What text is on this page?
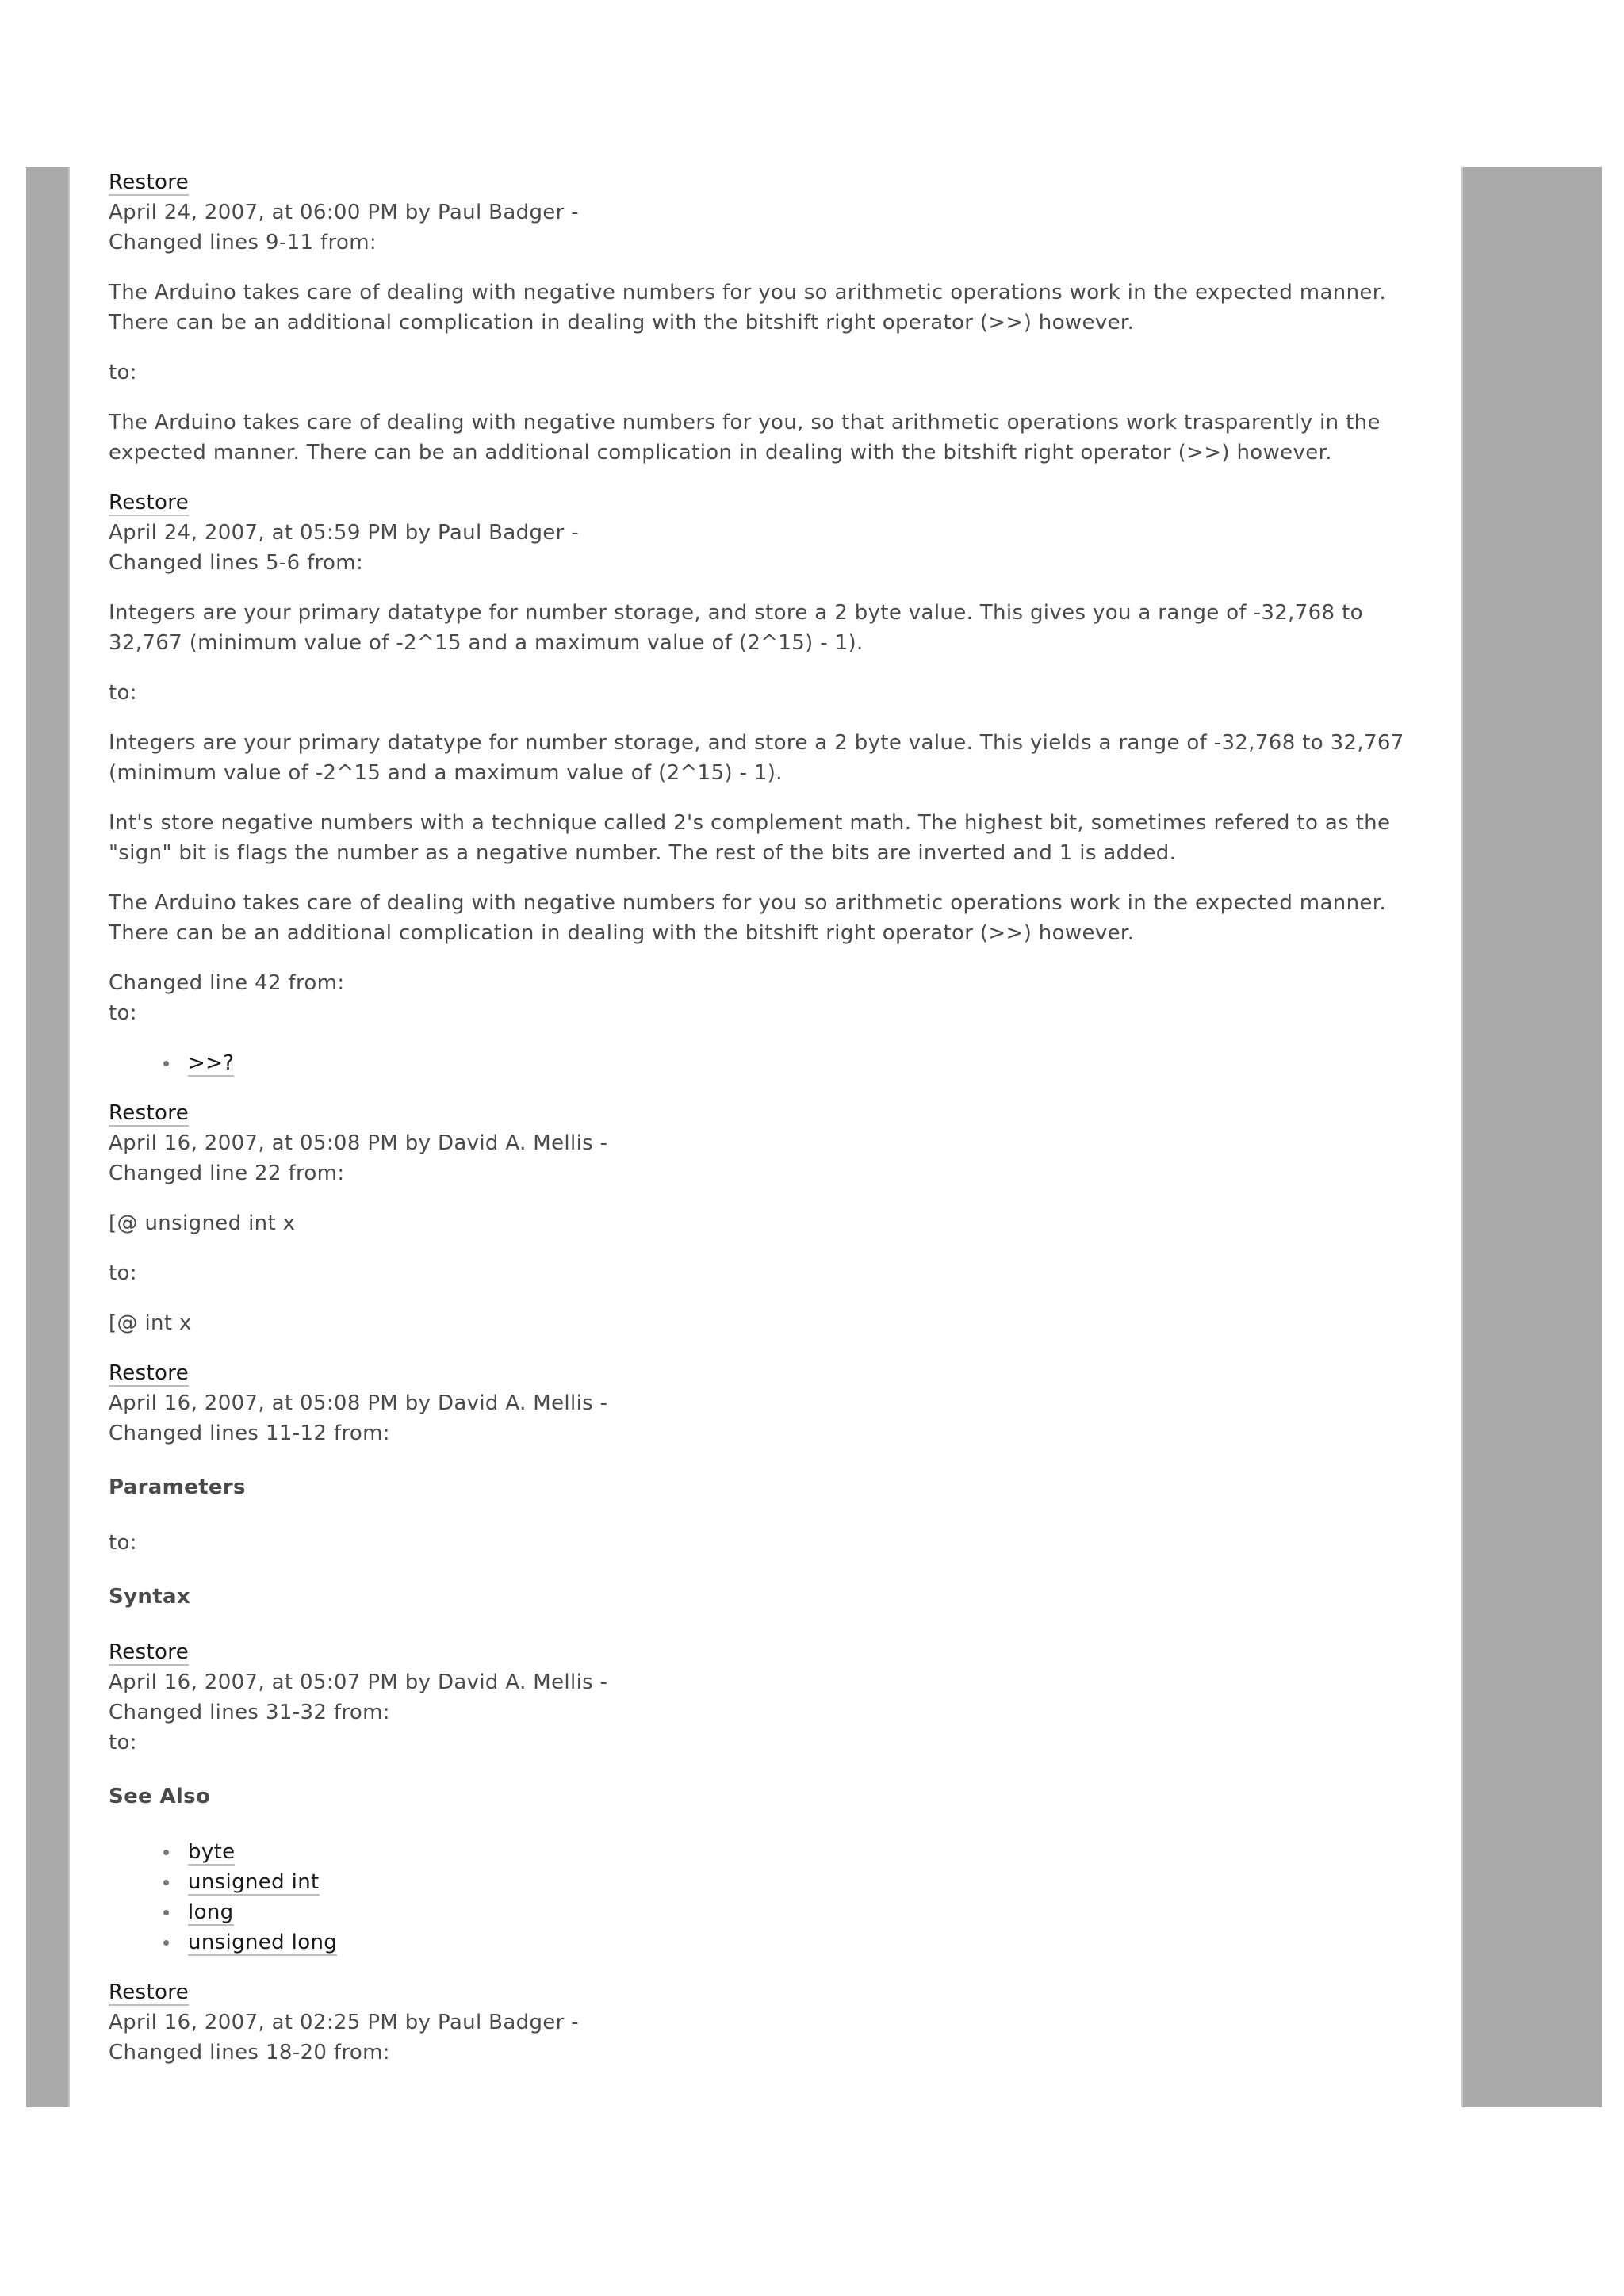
Restore
April 24, 2007, at 06:00 PM by Paul Badger -
Changed lines 9-11 from:

The Arduino takes care of dealing with negative numbers for you so arithmetic operations work in the expected manner. There can be an additional complication in dealing with the bitshift right operator (>>) however.

to:

The Arduino takes care of dealing with negative numbers for you, so that arithmetic operations work trasparently in the expected manner. There can be an additional complication in dealing with the bitshift right operator (>>) however.

Restore
April 24, 2007, at 05:59 PM by Paul Badger -
Changed lines 5-6 from:

Integers are your primary datatype for number storage, and store a 2 byte value. This gives you a range of -32,768 to 32,767 (minimum value of -2^15 and a maximum value of (2^15) - 1).

to:

Integers are your primary datatype for number storage, and store a 2 byte value. This yields a range of -32,768 to 32,767 (minimum value of -2^15 and a maximum value of (2^15) - 1).

Int's store negative numbers with a technique called 2's complement math. The highest bit, sometimes refered to as the "sign" bit is flags the number as a negative number. The rest of the bits are inverted and 1 is added.

The Arduino takes care of dealing with negative numbers for you so arithmetic operations work in the expected manner. There can be an additional complication in dealing with the bitshift right operator (>>) however.

Changed line 42 from:
to:
>>?
Restore
April 16, 2007, at 05:08 PM by David A. Mellis -
Changed line 22 from:

[@ unsigned int x

to:

[@ int x

Restore
April 16, 2007, at 05:08 PM by David A. Mellis -
Changed lines 11-12 from:
Parameters

to:

Syntax
Restore
April 16, 2007, at 05:07 PM by David A. Mellis -
Changed lines 31-32 from:
to:
See Also
byte
unsigned int
long
unsigned long
Restore
April 16, 2007, at 02:25 PM by Paul Badger -
Changed lines 18-20 from:
